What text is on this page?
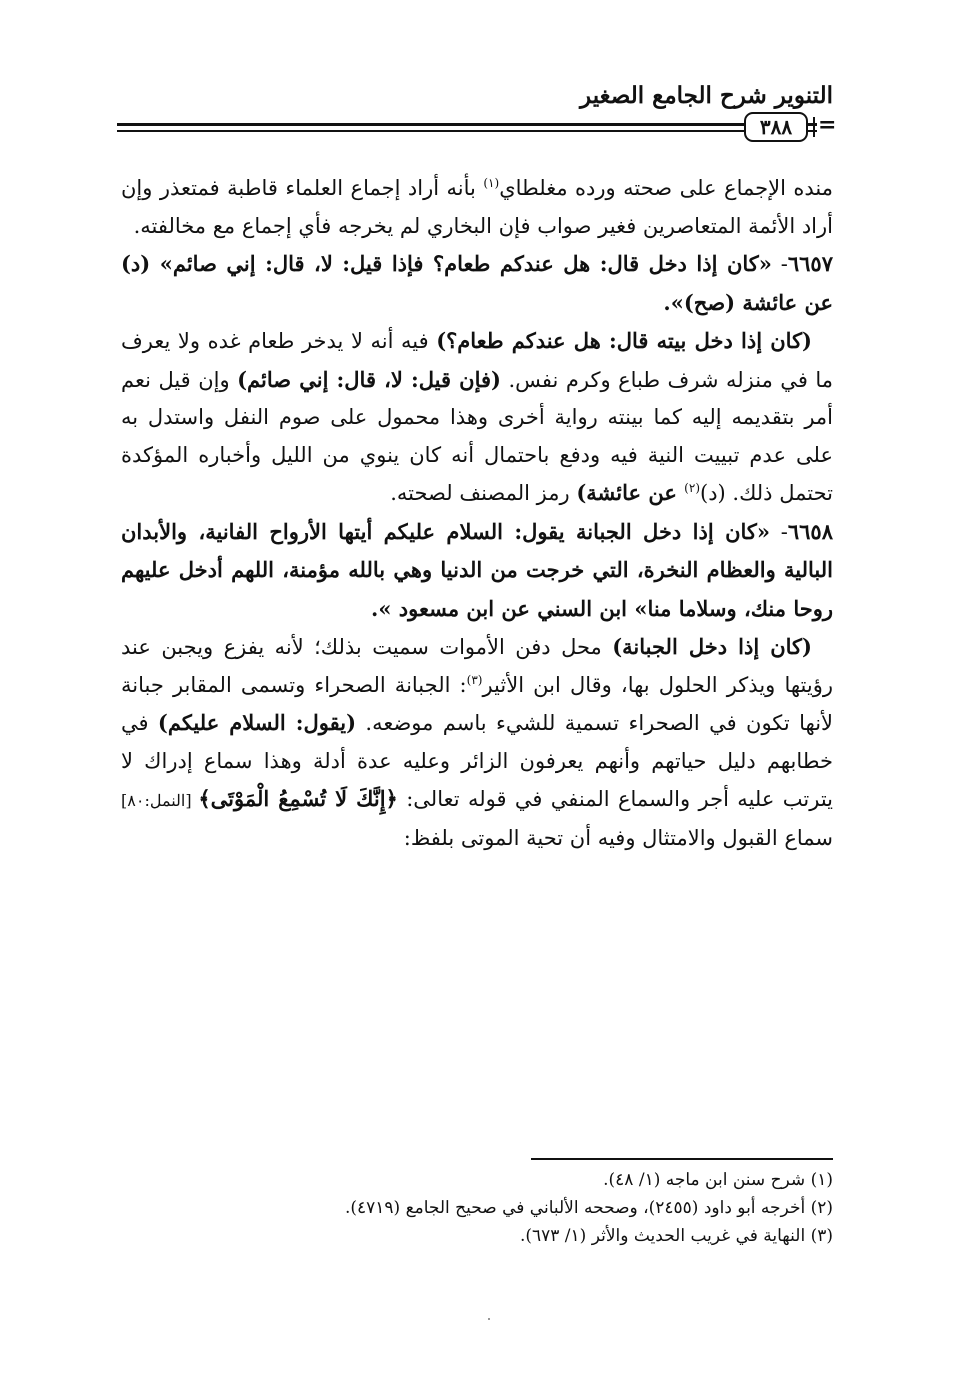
التنوير شرح الجامع الصغير
٣٨٨ =

منده الإجماع على صحته ورده مغلطاي$^{(١)}$ بأنه أراد إجماع العلماء قاطبة فمتعذر وإن أراد الأئمة المتعاصرين فغير صواب فإن البخاري لم يخرجه فأي إجماع مع مخالفته.

٦٦٥٧- «كان إذا دخل قال: هل عندكم طعام؟ فإذا قيل: لا، قال: إني صائم» (د) عن عائشة (صح)».

 (كان إذا دخل بيته قال: هل عندكم طعام؟) فيه أنه لا يدخر طعام غده ولا يعرف ما في منزله شرف طباع وكرم نفس. (فإن قيل: لا، قال: إني صائم) وإن قيل نعم أمر بتقديمه إليه كما بينته رواية أخرى وهذا محمول على صوم النفل واستدل به على عدم تبييت النية فيه ودفع باحتمال أنه كان ينوي من الليل وأخباره المؤكدة تحتمل ذلك. (د)$^{(٢)}$ عن عائشة) رمز المصنف لصحته.

٦٦٥٨- «كان إذا دخل الجبانة يقول: السلام عليكم أيتها الأرواح الفانية، والأبدان البالية والعظام النخرة، التي خرجت من الدنيا وهي بالله مؤمنة، اللهم أدخل عليهم روحا منك، وسلاما منا» ابن السني عن ابن مسعود ».

 (كان إذا دخل الجبانة) محل دفن الأموات سميت بذلك؛ لأنه يفزع ويجبن عند رؤيتها ويذكر الحلول بها، وقال ابن الأثير$^{(٣)}$: الجبانة الصحراء وتسمى المقابر جبانة لأنها تكون في الصحراء تسمية للشيء باسم موضعه. (يقول: السلام عليكم) في خطابهم دليل حياتهم وأنهم يعرفون الزائر وعليه عدة أدلة وهذا سماع إدراك لا يترتب عليه أجر والسماع المنفي في قوله تعالى: ﴿إِنَّكَ لَا تُسْمِعُ الْمَوْتَى﴾ [النمل:٨٠] سماع القبول والامتثال وفيه أن تحية الموتى بلفظ:

(١) شرح سنن ابن ماجه (١/ ٤٨).
(٢) أخرجه أبو داود (٢٤٥٥)، وصححه الألباني في صحيح الجامع (٤٧١٩).
(٣) النهاية في غريب الحديث والأثر (١/ ٦٧٣).
